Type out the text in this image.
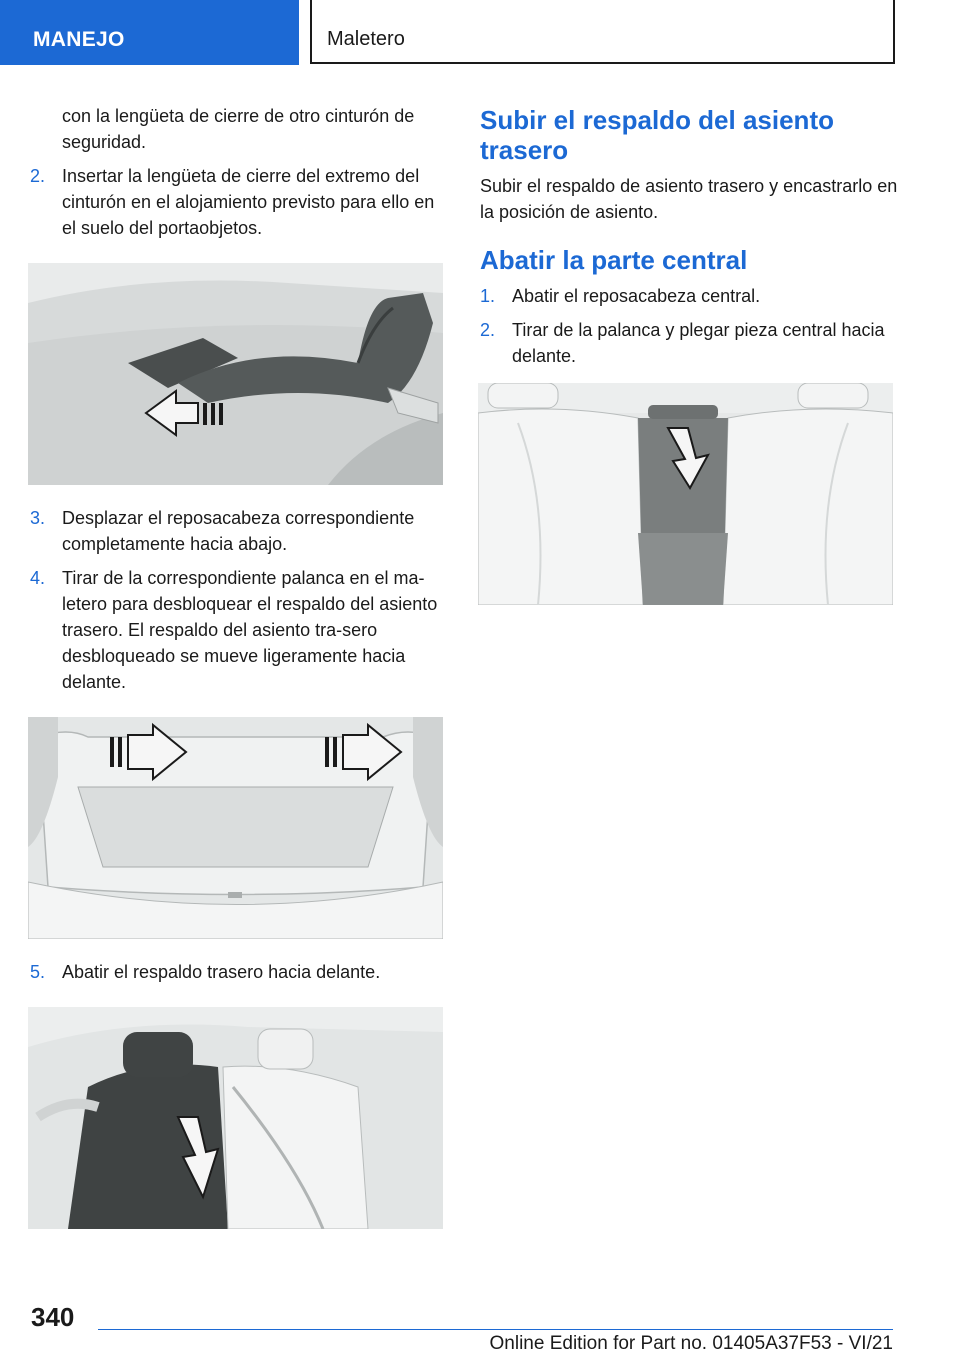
MANEJO	Maletero

con la lengüeta de cierre de otro cinturón de seguridad.

2. Insertar la lengüeta de cierre del extremo del cinturón en el alojamiento previsto para ello en el suelo del portaobjetos.
3. Desplazar el reposacabeza correspondiente completamente hacia abajo.
4. Tirar de la correspondiente palanca en el ma‐letero para desbloquear el respaldo del asiento trasero. El respaldo del asiento tra‐sero desbloqueado se mueve ligeramente hacia delante.
5. Abatir el respaldo trasero hacia delante.
Subir el respaldo del asiento trasero

Subir el respaldo de asiento trasero y encastrarlo en la posición de asiento.

Abatir la parte central
1. Abatir el reposacabeza central.
2. Tirar de la palanca y plegar pieza central hacia delante.
340
Online Edition for Part no. 01405A37F53 - VI/21
